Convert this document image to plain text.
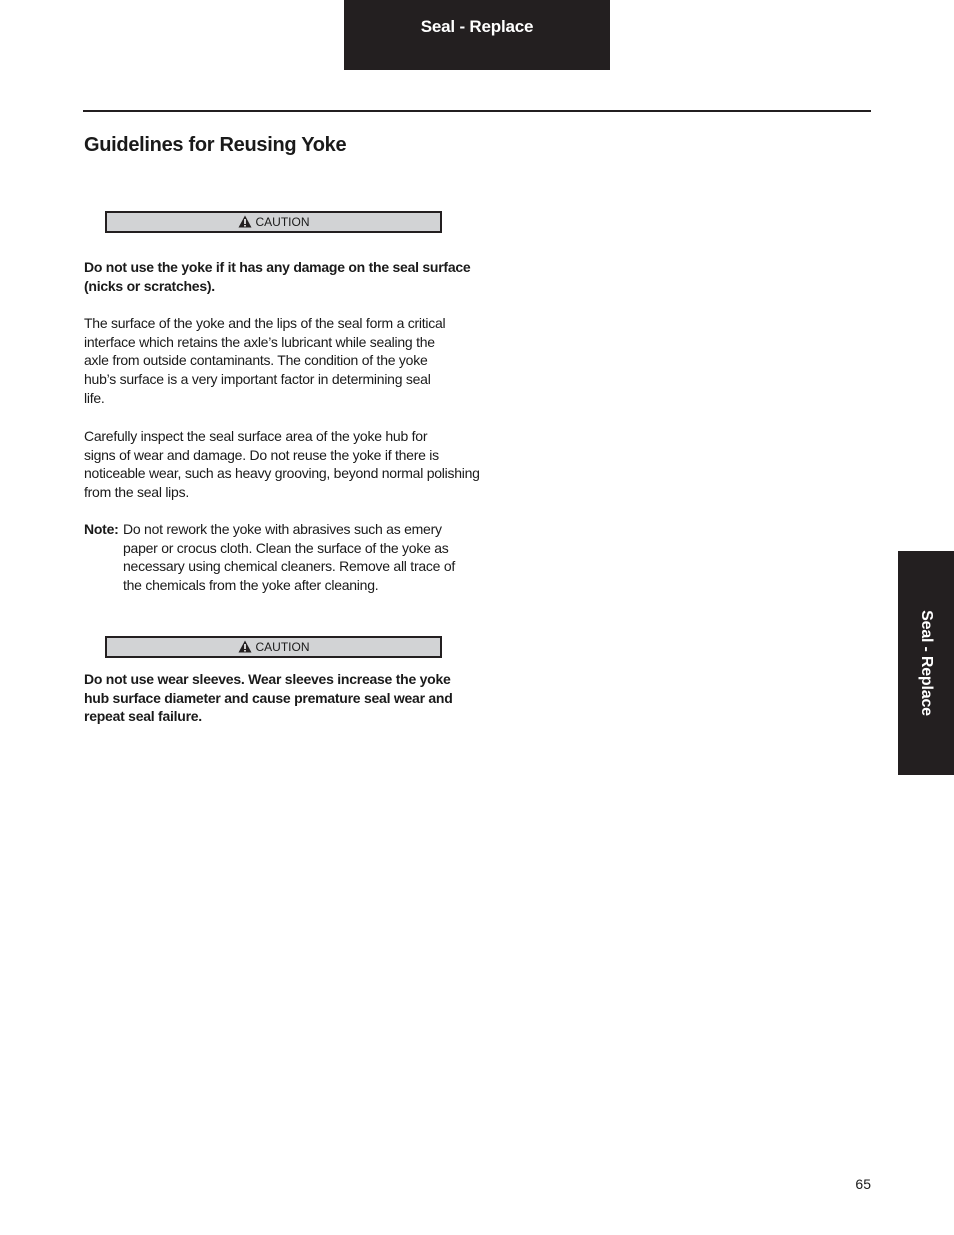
Seal - Replace
Guidelines for Reusing Yoke
CAUTION
Do not use the yoke if it has any damage on the seal surface
(nicks or scratches).
The surface of the yoke and the lips of the seal form a critical
interface which retains the axle’s lubricant while sealing the
axle from outside contaminants. The condition of the yoke
hub’s surface is a very important factor in determining seal
life.
Carefully inspect the seal surface area of the yoke hub for
signs of wear and damage. Do not reuse the yoke if there is
noticeable wear, such as heavy grooving, beyond normal polishing
from the seal lips.
Note: Do not rework the yoke with abrasives such as emery
paper or crocus cloth. Clean the surface of the yoke as
necessary using chemical cleaners. Remove all trace of
the chemicals from the yoke after cleaning.
CAUTION
Do not use wear sleeves. Wear sleeves increase the yoke
hub surface diameter and cause premature seal wear and
repeat seal failure.
Seal - Replace
65
